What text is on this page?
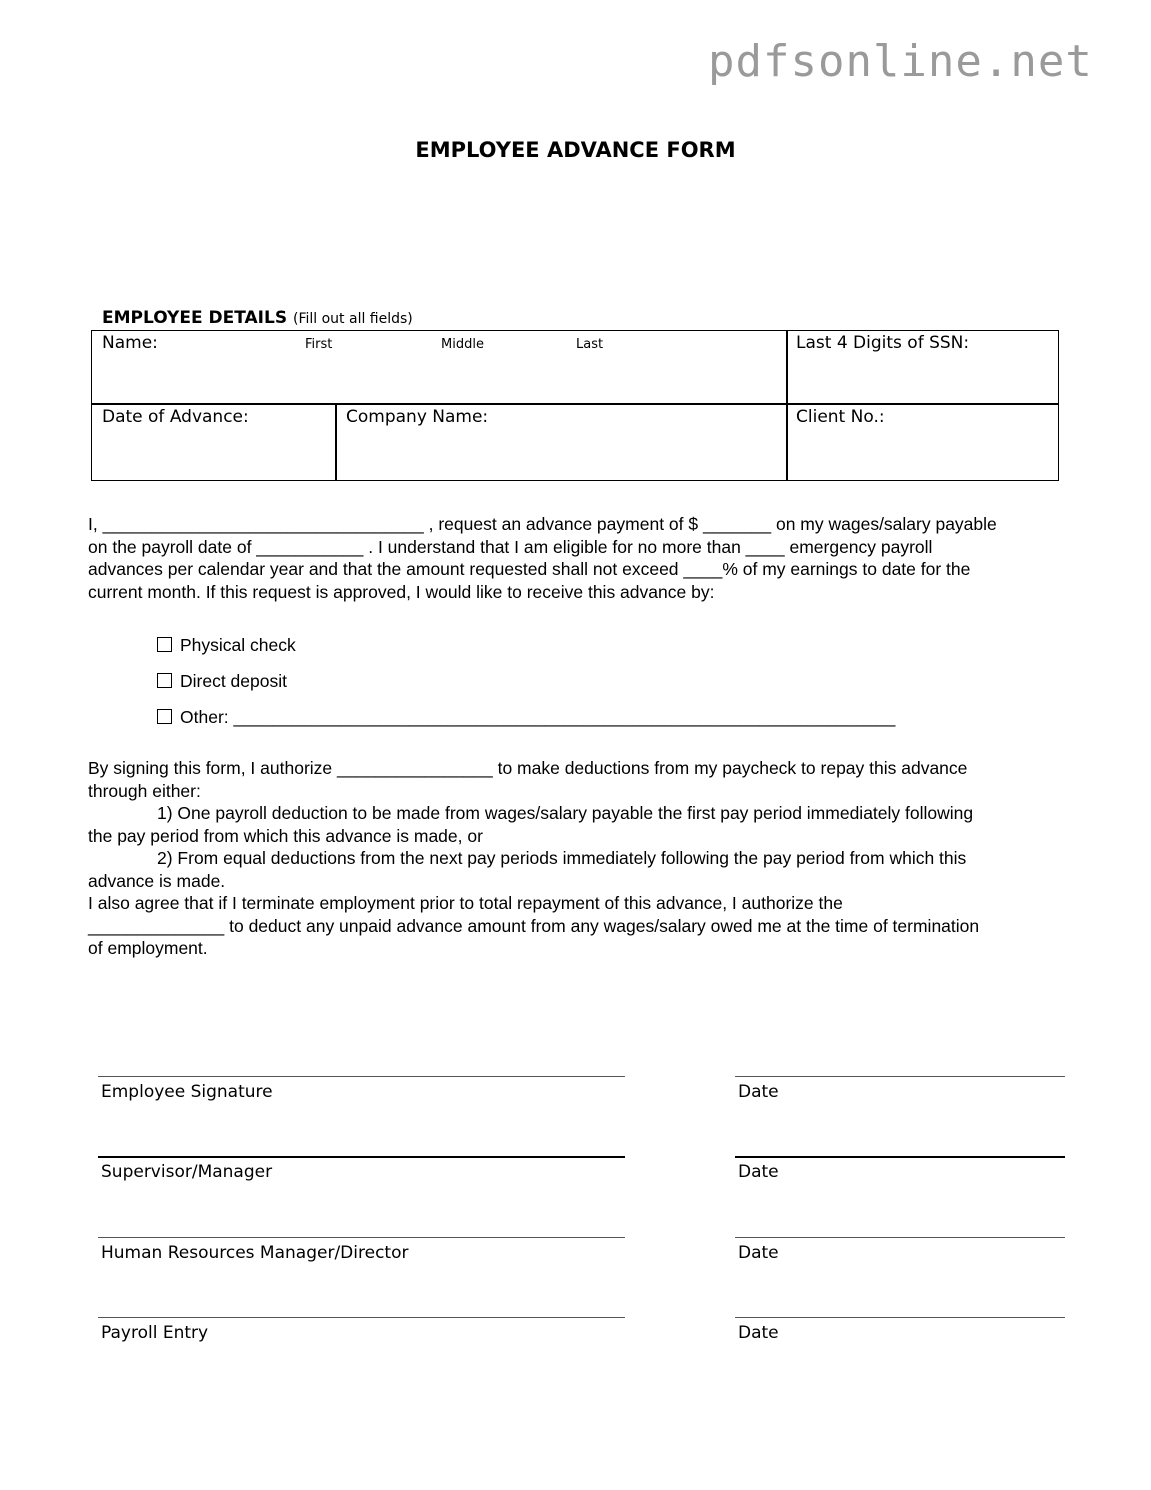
pdfsonline.net
EMPLOYEE ADVANCE FORM
EMPLOYEE DETAILS (Fill out all fields)
Name:	First	Middle	Last	Last 4 Digits of SSN:
Date of Advance:	Company Name:	Client No.:
I, _________________________________ , request an advance payment of $ _______ on my wages/salary payable
on the payroll date of ___________ . I understand that I am eligible for no more than ____ emergency payroll
advances per calendar year and that the amount requested shall not exceed ____% of my earnings to date for the
current month. If this request is approved, I would like to receive this advance by:
Physical check
Direct deposit
Other: ____________________________________________________________________
By signing this form, I authorize ________________ to make deductions from my paycheck to repay this advance
through either:
1) One payroll deduction to be made from wages/salary payable the first pay period immediately following
the pay period from which this advance is made, or
2) From equal deductions from the next pay periods immediately following the pay period from which this
advance is made.
I also agree that if I terminate employment prior to total repayment of this advance, I authorize the
______________ to deduct any unpaid advance amount from any wages/salary owed me at the time of termination
of employment.
Employee Signature	Date
Supervisor/Manager	Date
Human Resources Manager/Director	Date
Payroll Entry	Date
